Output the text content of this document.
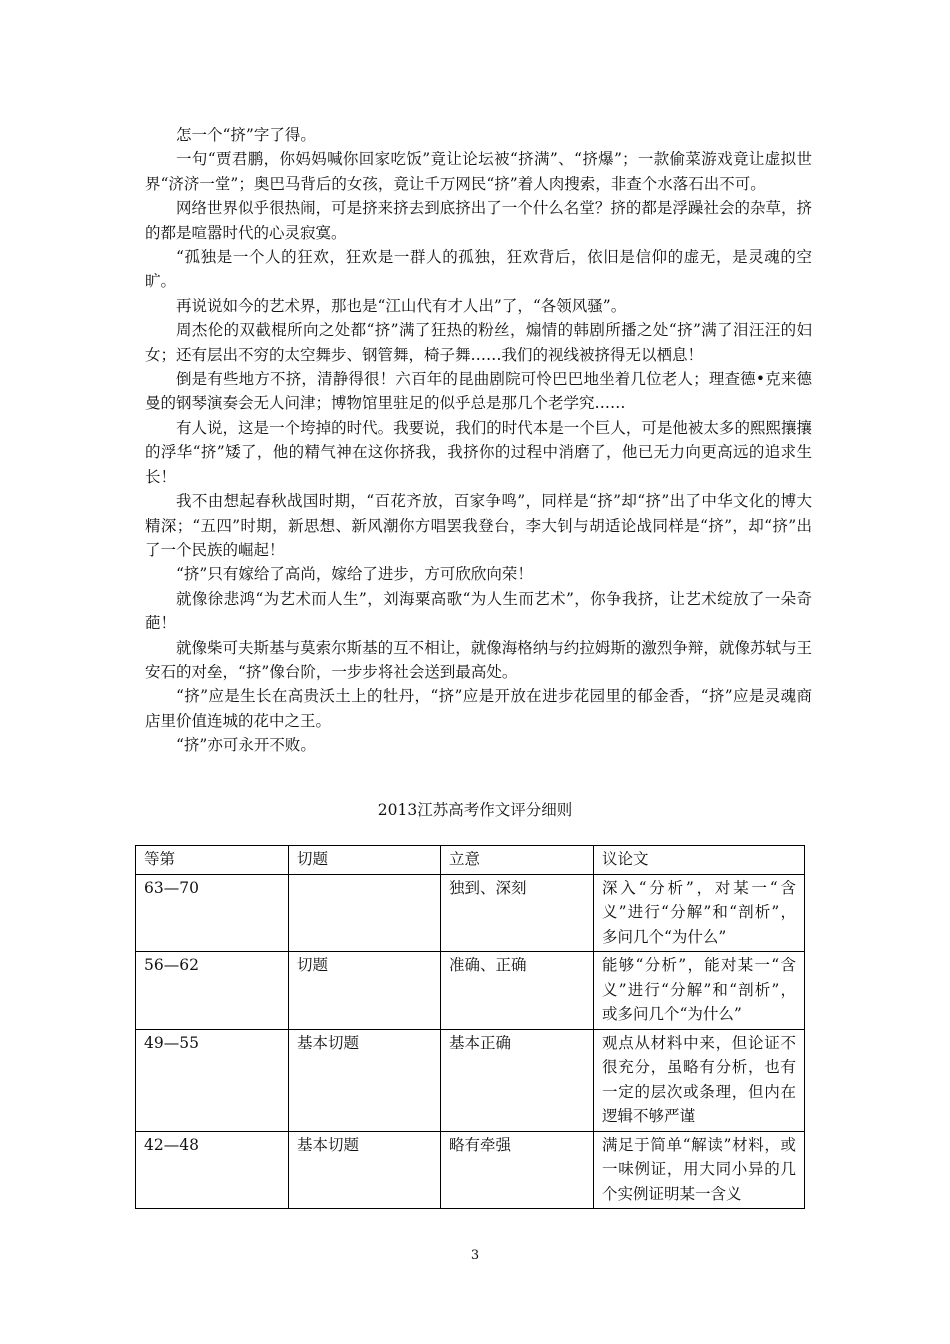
怎一个“挤”字了得。

一句“贾君鹏，你妈妈喊你回家吃饭”竟让论坛被“挤满”、“挤爆”；一款偷菜游戏竟让虚拟世界“济济一堂”；奥巴马背后的女孩，竟让千万网民“挤”着人肉搜索，非查个水落石出不可。

网络世界似乎很热闹，可是挤来挤去到底挤出了一个什么名堂？挤的都是浮躁社会的杂草，挤的都是喧嚣时代的心灵寂寞。

“孤独是一个人的狂欢，狂欢是一群人的孤独，狂欢背后，依旧是信仰的虚无，是灵魂的空旷。

再说说如今的艺术界，那也是“江山代有才人出”了，“各领风骚”。

周杰伦的双截棍所向之处都“挤”满了狂热的粉丝，煽情的韩剧所播之处“挤”满了泪汪汪的妇女；还有层出不穷的太空舞步、钢管舞，椅子舞……我们的视线被挤得无以栖息！

倒是有些地方不挤，清静得很！六百年的昆曲剧院可怜巴巴地坐着几位老人；理查德•克来德曼的钢琴演奏会无人问津；博物馆里驻足的似乎总是那几个老学究……

有人说，这是一个垮掉的时代。我要说，我们的时代本是一个巨人，可是他被太多的熙熙攘攘的浮华“挤”矮了，他的精气神在这你挤我，我挤你的过程中消磨了，他已无力向更高远的追求生长！

我不由想起春秋战国时期，“百花齐放，百家争鸣”，同样是“挤”却“挤”出了中华文化的博大精深；“五四”时期，新思想、新风潮你方唱罢我登台，李大钊与胡适论战同样是“挤”，却“挤”出了一个民族的崛起！

“挤”只有嫁给了高尚，嫁给了进步，方可欣欣向荣！

就像徐悲鸿“为艺术而人生”，刘海粟高歌“为人生而艺术”，你争我挤，让艺术绽放了一朵奇葩！

就像柴可夫斯基与莫索尔斯基的互不相让，就像海格纳与约拉姆斯的激烈争辩，就像苏轼与王安石的对垒，“挤”像台阶，一步步将社会送到最高处。

“挤”应是生长在高贵沃土上的牡丹，“挤”应是开放在进步花园里的郁金香，“挤”应是灵魂商店里价值连城的花中之王。

“挤”亦可永开不败。

2013江苏高考作文评分细则
等第	切题	立意	议论文
63—70		独到、深刻	深入“分析”，对某一“含义”进行“分解”和“剖析”，多问几个“为什么”
56—62	切题	准确、正确	能够“分析”，能对某一“含义”进行“分解”和“剖析”，或多问几个“为什么”
49—55	基本切题	基本正确	观点从材料中来，但论证不很充分，虽略有分析，也有一定的层次或条理，但内在逻辑不够严谨
42—48	基本切题	略有牵强	满足于简单“解读”材料，或一味例证，用大同小异的几个实例证明某一含义
3
